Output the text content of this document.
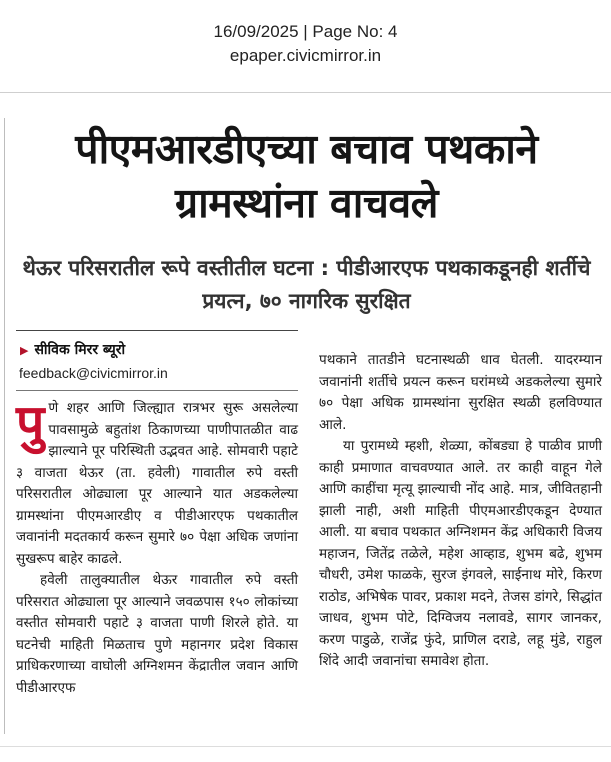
16/09/2025 | Page No: 4
epaper.civicmirror.in
पीएमआरडीएच्या बचाव पथकाने ग्रामस्थांना वाचवले
थेऊर परिसरातील रूपे वस्तीतील घटना : पीडीआरएफ पथकाकडूनही शर्तीचे प्रयत्न, ७० नागरिक सुरक्षित
▶ सीविक मिरर ब्यूरो
feedback@civicmirror.in

पुणे शहर आणि जिल्ह्यात रात्रभर सुरू असलेल्या पावसामुळे बहुतांश ठिकाणच्या पाणीपातळीत वाढ झाल्याने पूर परिस्थिती उद्भवत आहे. सोमवारी पहाटे ३ वाजता थेऊर (ता. हवेली) गावातील रुपे वस्ती परिसरातील ओढ्याला पूर आल्याने यात अडकलेल्या ग्रामस्थांना पीएमआरडीए व पीडीआरएफ पथकातील जवानांनी मदतकार्य करून सुमारे ७० पेक्षा अधिक जणांना सुखरूप बाहेर काढले.

हवेली तालुक्यातील थेऊर गावातील रुपे वस्ती परिसरात ओढ्याला पूर आल्याने जवळपास १५० लोकांच्या वस्तीत सोमवारी पहाटे ३ वाजता पाणी शिरले होते. या घटनेची माहिती मिळताच पुणे महानगर प्रदेश विकास प्राधिकरणाच्या वाघोली अग्निशमन केंद्रातील जवान आणि पीडीआरएफ

पथकाने तातडीने घटनास्थळी धाव घेतली. यादरम्यान जवानांनी शर्तीचे प्रयत्न करून घरांमध्ये अडकलेल्या सुमारे ७० पेक्षा अधिक ग्रामस्थांना सुरक्षित स्थळी हलविण्यात आले.

या पुरामध्ये म्हशी, शेळ्या, कोंबड्या हे पाळीव प्राणी काही प्रमाणात वाचवण्यात आले. तर काही वाहून गेले आणि काहींचा मृत्यू झाल्याची नोंद आहे. मात्र, जीवितहानी झाली नाही, अशी माहिती पीएमआरडीएकडून देण्यात आली. या बचाव पथकात अग्निशमन केंद्र अधिकारी विजय महाजन, जितेंद्र तळेले, महेश आव्हाड, शुभम बढे, शुभम चौधरी, उमेश फाळके, सुरज इंगवले, साईनाथ मोरे, किरण राठोड, अभिषेक पावर, प्रकाश मदने, तेजस डांगरे, सिद्धांत जाधव, शुभम पोटे, दिग्विजय नलावडे, सागर जानकर, करण पाडुळे, राजेंद्र फुंदे, प्राणिल दराडे, लहू मुंडे, राहुल शिंदे आदी जवानांचा समावेश होता.
